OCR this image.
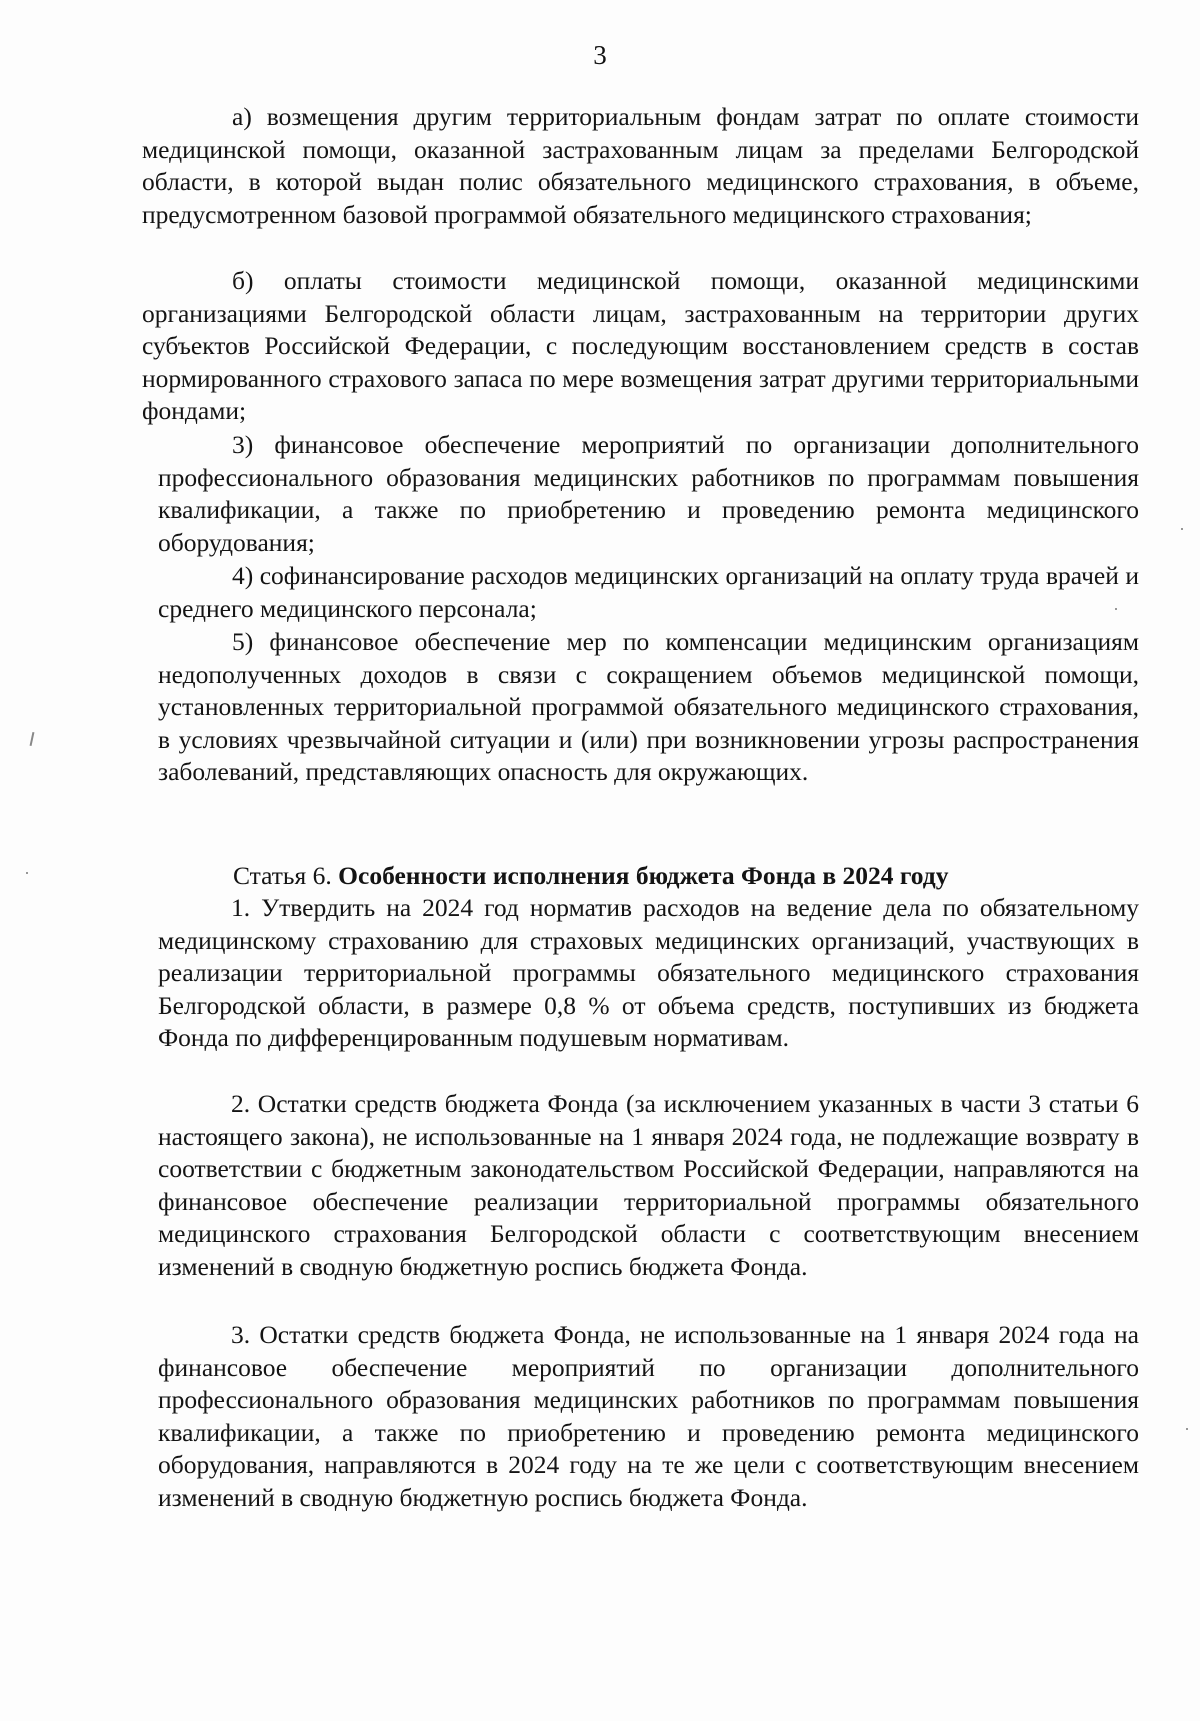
3

а) возмещения другим территориальным фондам затрат по оплате стоимости медицинской помощи, оказанной застрахованным лицам за пределами Белгородской области, в которой выдан полис обязательного медицинского страхования, в объеме, предусмотренном базовой программой обязательного медицинского страхования;

б) оплаты стоимости медицинской помощи, оказанной медицинскими организациями Белгородской области лицам, застрахованным на территории других субъектов Российской Федерации, с последующим восстановлением средств в состав нормированного страхового запаса по мере возмещения затрат другими территориальными фондами;

3) финансовое обеспечение мероприятий по организации дополнительного профессионального образования медицинских работников по программам повышения квалификации, а также по приобретению и проведению ремонта медицинского оборудования;

4) софинансирование расходов медицинских организаций на оплату труда врачей и среднего медицинского персонала;

5) финансовое обеспечение мер по компенсации медицинским организациям недополученных доходов в связи с сокращением объемов медицинской помощи, установленных территориальной программой обязательного медицинского страхования, в условиях чрезвычайной ситуации и (или) при возникновении угрозы распространения заболеваний, представляющих опасность для окружающих.

Статья 6. Особенности исполнения бюджета Фонда в 2024 году

1. Утвердить на 2024 год норматив расходов на ведение дела по обязательному медицинскому страхованию для страховых медицинских организаций, участвующих в реализации территориальной программы обязательного медицинского страхования Белгородской области, в размере 0,8 % от объема средств, поступивших из бюджета Фонда по дифференцированным подушевым нормативам.

2. Остатки средств бюджета Фонда (за исключением указанных в части 3 статьи 6 настоящего закона), не использованные на 1 января 2024 года, не подлежащие возврату в соответствии с бюджетным законодательством Российской Федерации, направляются на финансовое обеспечение реализации территориальной программы обязательного медицинского страхования Белгородской области с соответствующим внесением изменений в сводную бюджетную роспись бюджета Фонда.

3. Остатки средств бюджета Фонда, не использованные на 1 января 2024 года на финансовое обеспечение мероприятий по организации дополнительного профессионального образования медицинских работников по программам повышения квалификации, а также по приобретению и проведению ремонта медицинского оборудования, направляются в 2024 году на те же цели с соответствующим внесением изменений в сводную бюджетную роспись бюджета Фонда.
